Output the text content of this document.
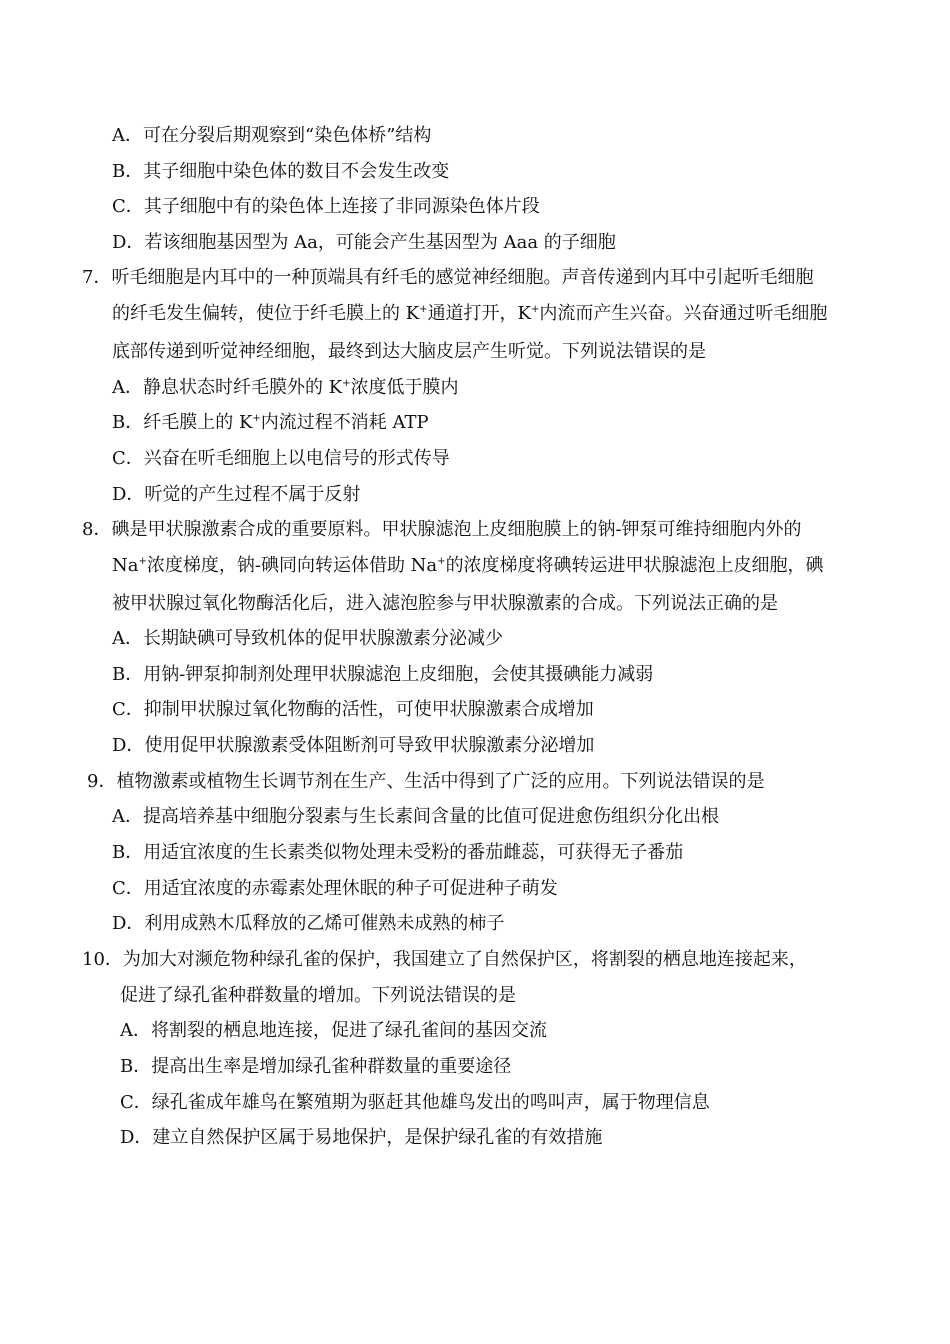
A．可在分裂后期观察到“染色体桥”结构
B．其子细胞中染色体的数目不会发生改变
C．其子细胞中有的染色体上连接了非同源染色体片段
D．若该细胞基因型为 Aa，可能会产生基因型为 Aaa 的子细胞
7．听毛细胞是内耳中的一种顶端具有纤毛的感觉神经细胞。声音传递到内耳中引起听毛细胞
的纤毛发生偏转，使位于纤毛膜上的 K+通道打开，K+内流而产生兴奋。兴奋通过听毛细胞
底部传递到听觉神经细胞，最终到达大脑皮层产生听觉。下列说法错误的是
A．静息状态时纤毛膜外的 K+浓度低于膜内
B．纤毛膜上的 K+内流过程不消耗 ATP
C．兴奋在听毛细胞上以电信号的形式传导
D．听觉的产生过程不属于反射
8．碘是甲状腺激素合成的重要原料。甲状腺滤泡上皮细胞膜上的钠-钾泵可维持细胞内外的
Na+浓度梯度，钠-碘同向转运体借助 Na+的浓度梯度将碘转运进甲状腺滤泡上皮细胞，碘
被甲状腺过氧化物酶活化后，进入滤泡腔参与甲状腺激素的合成。下列说法正确的是
A．长期缺碘可导致机体的促甲状腺激素分泌减少
B．用钠-钾泵抑制剂处理甲状腺滤泡上皮细胞，会使其摄碘能力减弱
C．抑制甲状腺过氧化物酶的活性，可使甲状腺激素合成增加
D．使用促甲状腺激素受体阻断剂可导致甲状腺激素分泌增加
9．植物激素或植物生长调节剂在生产、生活中得到了广泛的应用。下列说法错误的是
A．提高培养基中细胞分裂素与生长素间含量的比值可促进愈伤组织分化出根
B．用适宜浓度的生长素类似物处理未受粉的番茄雌蕊，可获得无子番茄
C．用适宜浓度的赤霉素处理休眠的种子可促进种子萌发
D．利用成熟木瓜释放的乙烯可催熟未成熟的柿子
10．为加大对濒危物种绿孔雀的保护，我国建立了自然保护区，将割裂的栖息地连接起来，
促进了绿孔雀种群数量的增加。下列说法错误的是
A．将割裂的栖息地连接，促进了绿孔雀间的基因交流
B．提高出生率是增加绿孔雀种群数量的重要途径
C．绿孔雀成年雄鸟在繁殖期为驱赶其他雄鸟发出的鸣叫声，属于物理信息
D．建立自然保护区属于易地保护，是保护绿孔雀的有效措施
